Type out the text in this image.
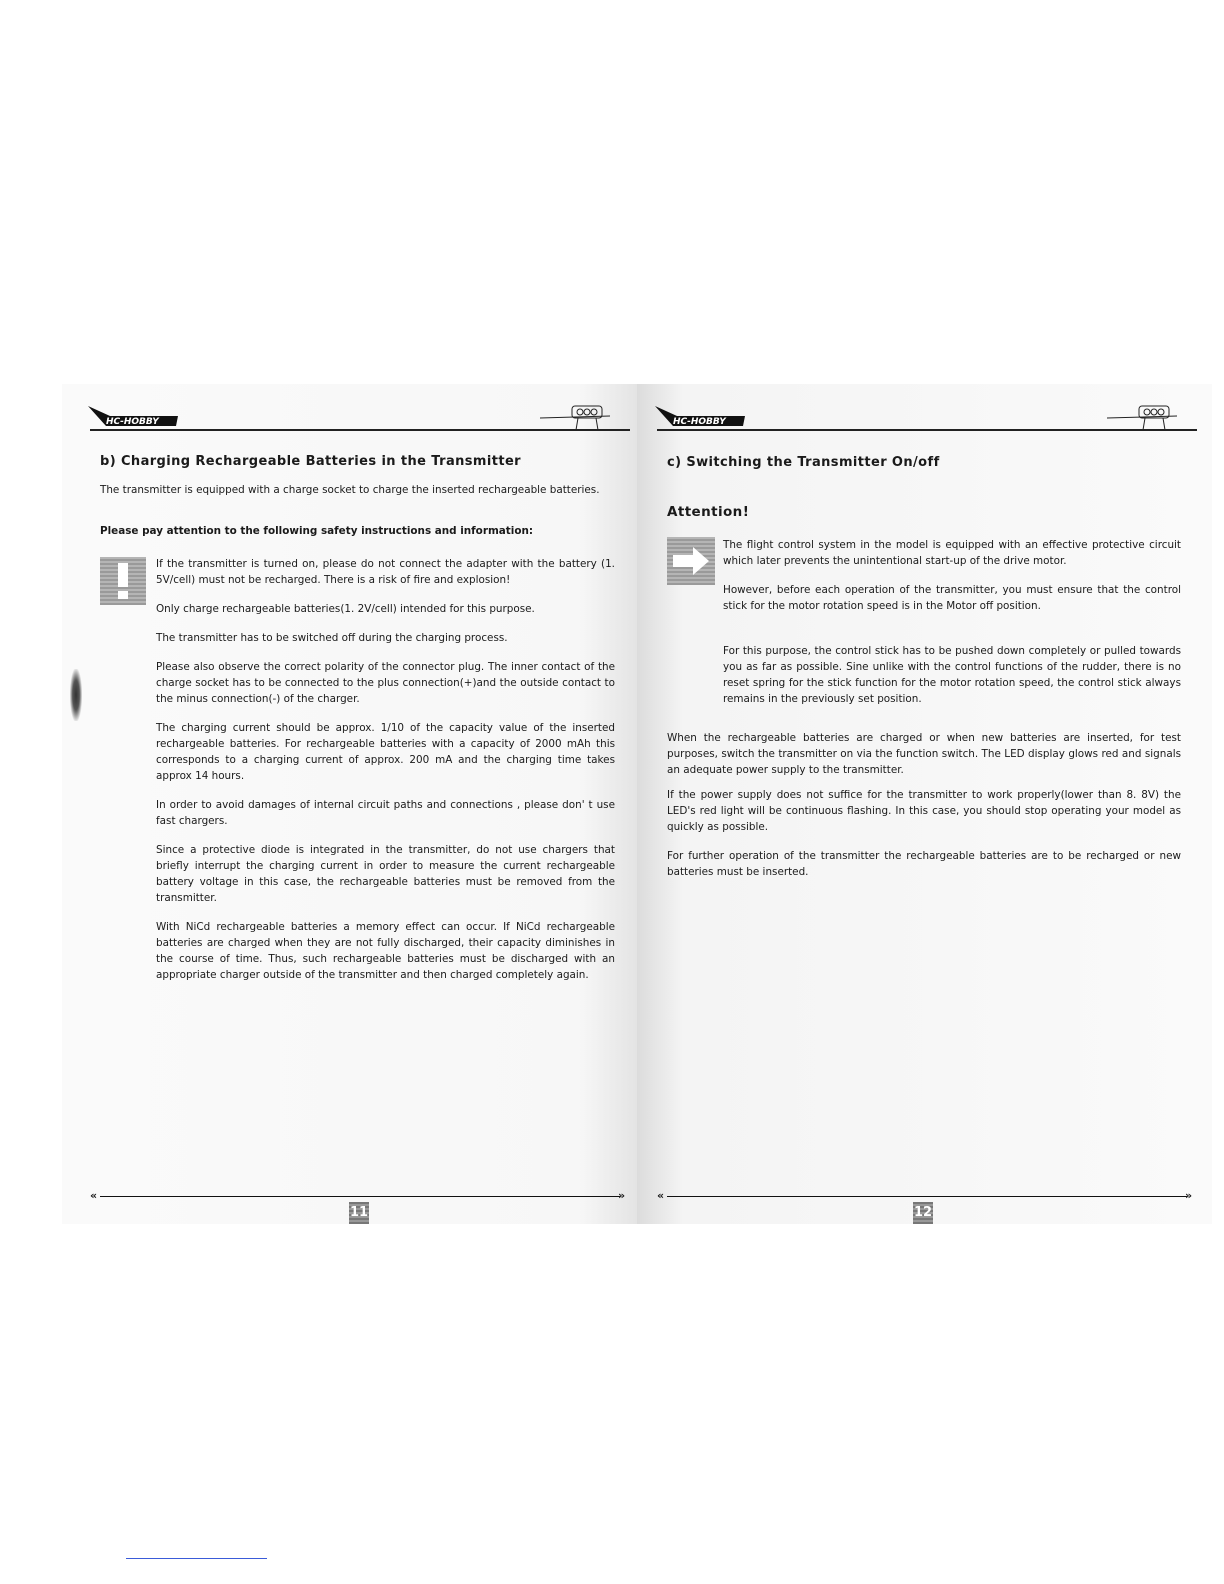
HC-HOBBY
b) Charging Rechargeable Batteries in the Transmitter

The transmitter is equipped with a charge socket to charge the inserted rechargeable batteries.

Please pay attention to the following safety instructions and information:

If the transmitter is turned on, please do not connect the adapter with the battery (1. 5V/cell) must not be recharged. There is a risk of fire and explosion!

Only charge rechargeable batteries(1. 2V/cell) intended for this purpose.

The transmitter has to be switched off during the charging process.

Please also observe the correct polarity of the connector plug. The inner contact of the charge socket has to be connected to the plus connection(+)and the outside contact to the minus connection(-) of the charger.

The charging current should be approx. 1/10 of the capacity value of the inserted rechargeable batteries. For rechargeable batteries with a capacity of 2000 mAh this corresponds to a charging current of approx. 200 mA and the charging time takes approx 14 hours.

In order to avoid damages of internal circuit paths and connections , please don' t use fast chargers.

Since a protective diode is integrated in the transmitter, do not use chargers that briefly interrupt the charging current in order to measure the current rechargeable battery voltage in this case, the rechargeable batteries must be removed from the transmitter.

With NiCd rechargeable batteries a memory effect can occur. If NiCd rechargeable batteries are charged when they are not fully discharged, their capacity diminishes in the course of time. Thus, such rechargeable batteries must be discharged with an appropriate charger outside of the transmitter and then charged completely again.

«	»
11
HC-HOBBY
c) Switching the Transmitter On/off
Attention!

The flight control system in the model is equipped with an effective protective circuit which later prevents the unintentional start-up of the drive motor.

However, before each operation of the transmitter, you must ensure that the control stick for the motor rotation speed is in the Motor off position.

For this purpose, the control stick has to be pushed down completely or pulled towards you as far as possible. Sine unlike with the control functions of the rudder, there is no reset spring for the stick function for the motor rotation speed, the control stick always remains in the previously set position.

When the rechargeable batteries are charged or when new batteries are inserted, for test purposes, switch the transmitter on via the function switch. The LED display glows red and signals an adequate power supply to the transmitter.

If the power supply does not suffice for the transmitter to work properly(lower than 8. 8V) the LED's red light will be continuous flashing. In this case, you should stop operating your model as quickly as possible.

For further operation of the transmitter the rechargeable batteries are to be recharged or new batteries must be inserted.

«	»
12
